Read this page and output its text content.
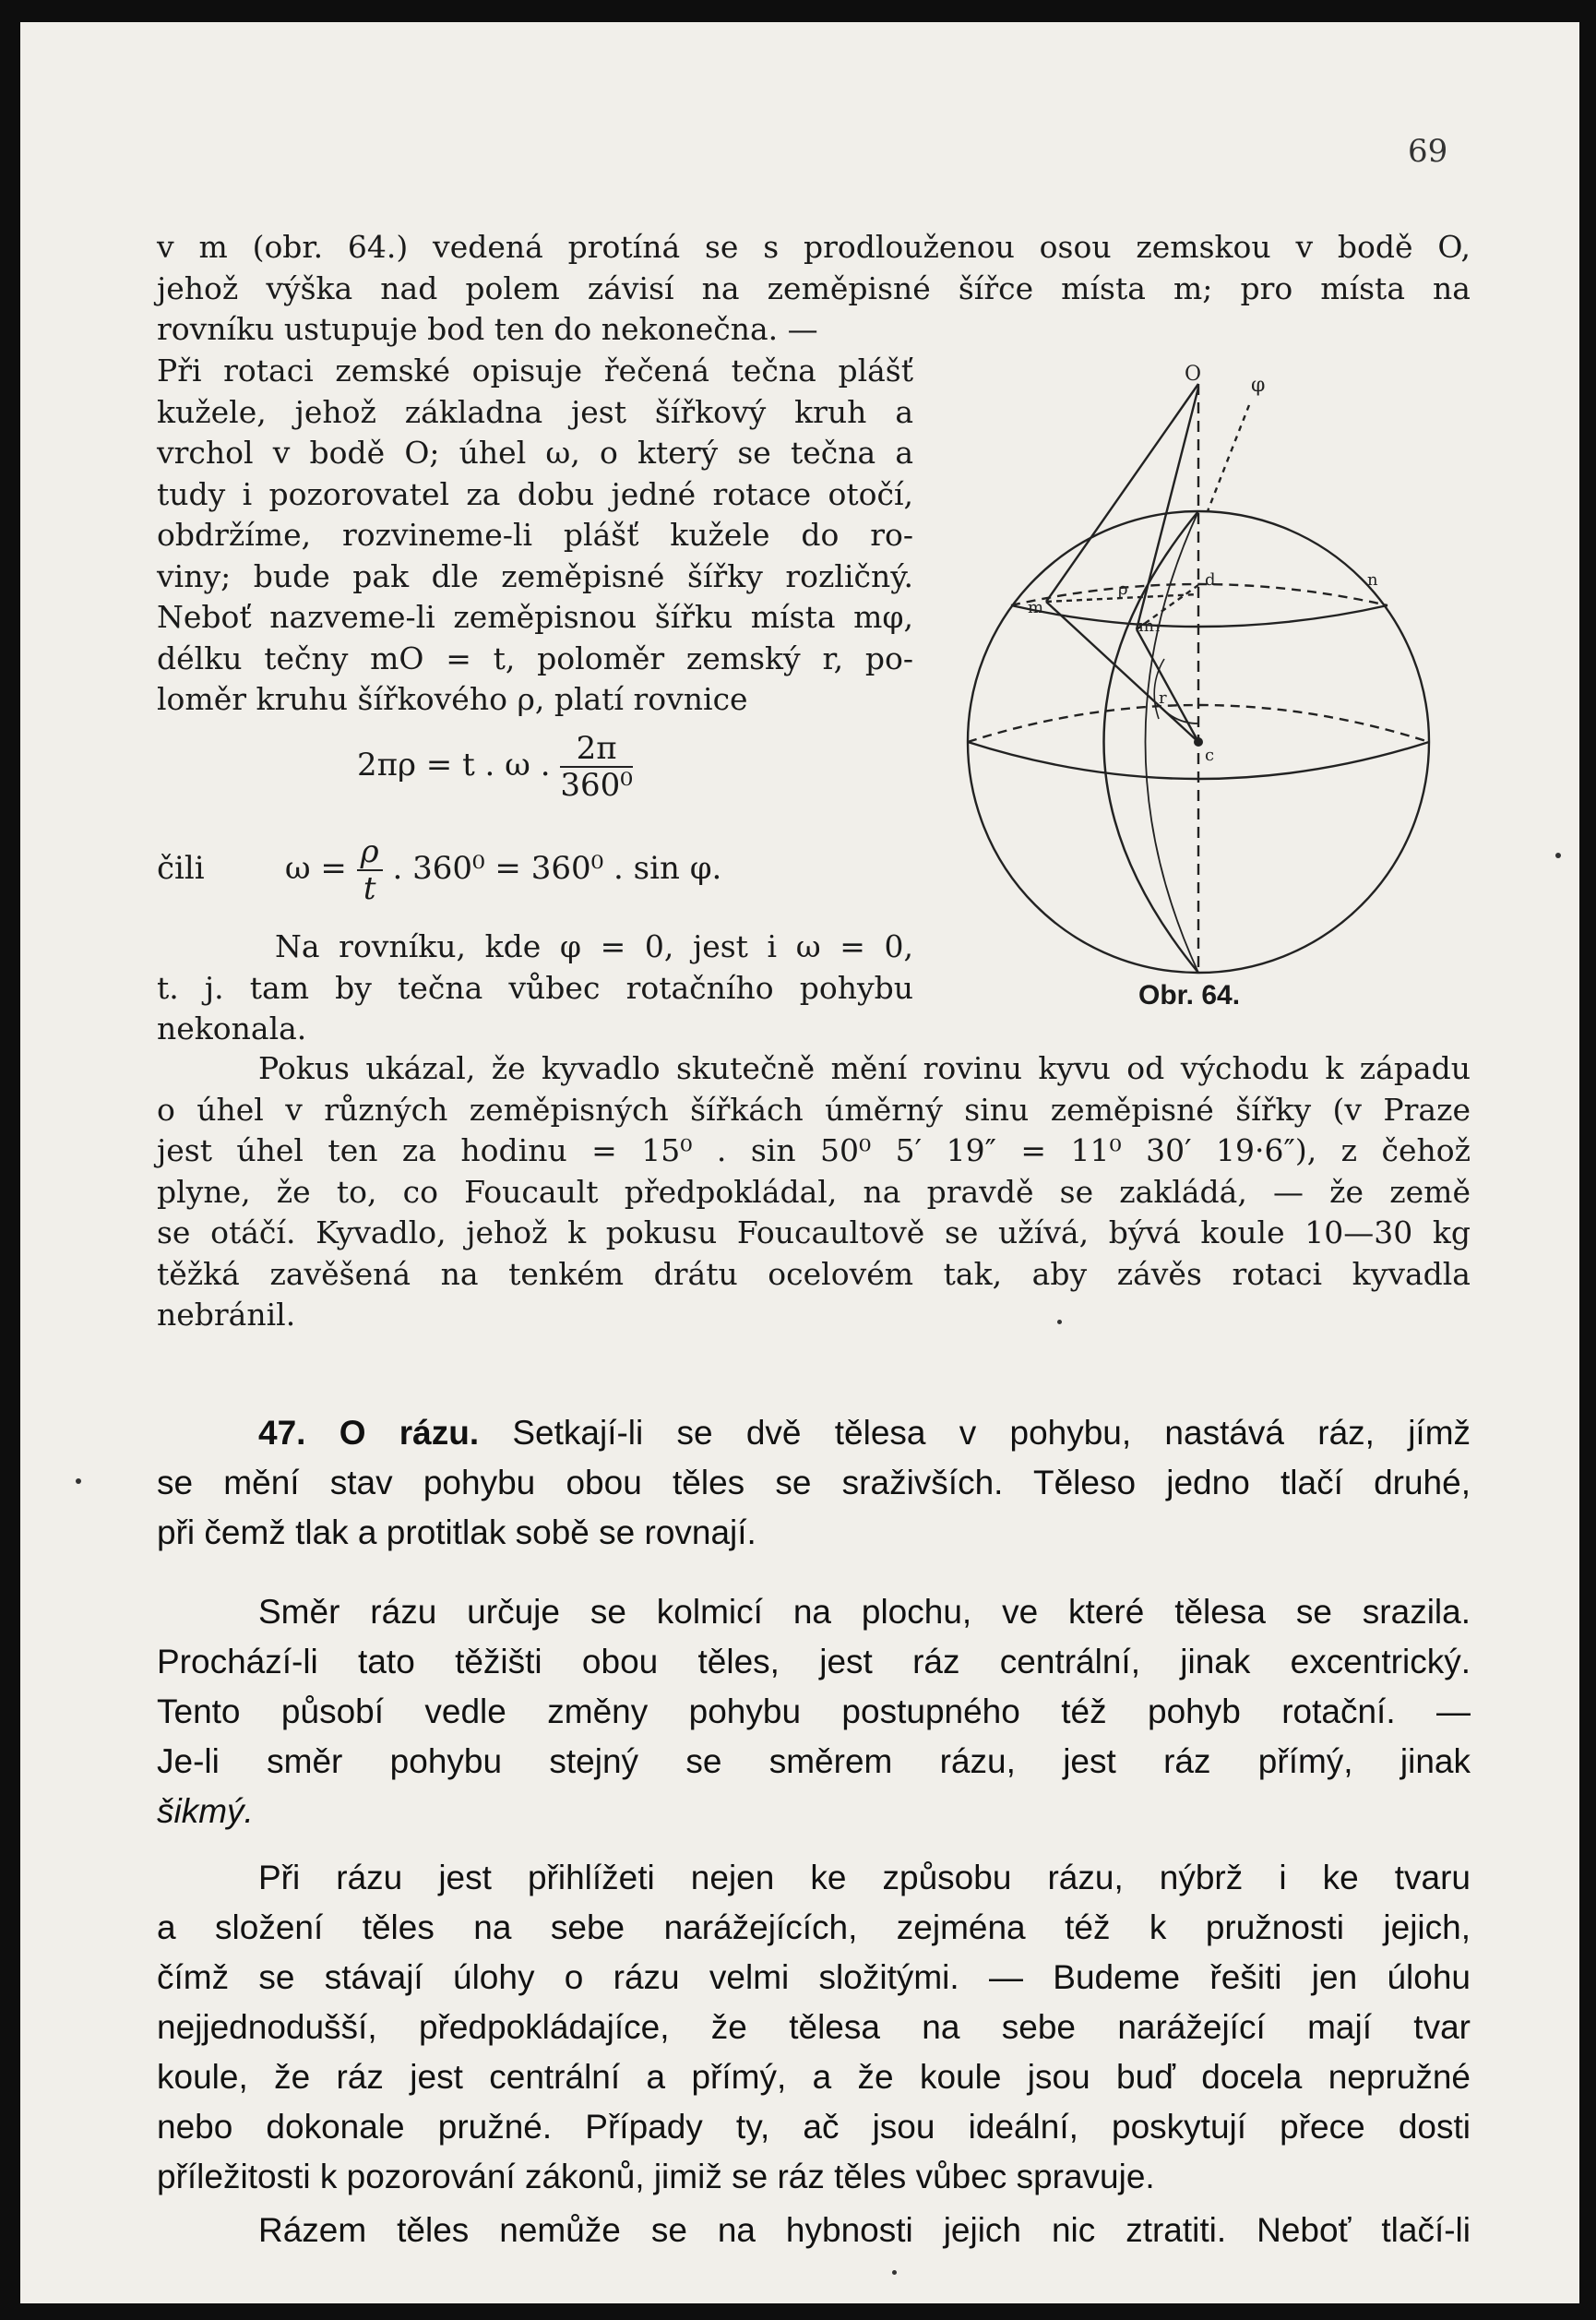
69
v m (obr. 64.) vedená protíná se s prodlouženou osou zemskou v bodě O,
jehož výška nad polem závisí na zeměpisné šířce místa m; pro místa na
rovníku ustupuje bod ten do nekonečna. —
Při rotaci zemské opisuje řečená tečna plášť
kužele, jehož základna jest šířkový kruh a
vrchol v bodě O; úhel ω, o který se tečna a
tudy i pozorovatel za dobu jedné rotace otočí,
obdržíme, rozvineme-li plášť kužele do ro-
viny; bude pak dle zeměpisné šířky rozličný.
Neboť nazveme-li zeměpisnou šířku místa mφ,
délku tečny mO = t, poloměr zemský r, po-
loměr kruhu šířkového ρ, platí rovnice
2πρ = t . ω . $\frac{2\pi}{\text{360⁰}}$
čili	$\omega = \frac{\rho}{t}$ . 360⁰ = 360⁰ . sin φ.
Na rovníku, kde φ = 0, jest i ω = 0,
t. j. tam by tečna vůbec rotačního pohybu
nekonala.
O φ
m
m₁
d	n
c
r
ρ
Obr. 64.
Pokus ukázal, že kyvadlo skutečně mění rovinu kyvu od východu k západu
o úhel v různých zeměpisných šířkách úměrný sinu zeměpisné šířky (v Praze
jest úhel ten za hodinu = 15⁰ . sin 50⁰ 5′ 19″ = 11⁰ 30′ 19·6″), z čehož
plyne, že to, co Foucault předpokládal, na pravdě se zakládá, — že země
se otáčí. Kyvadlo, jehož k pokusu Foucaultově se užívá, bývá koule 10—30 kg
těžká zavěšená na tenkém drátu ocelovém tak, aby závěs rotaci kyvadla
nebránil.
47. O rázu. Setkají-li se dvě tělesa v pohybu, nastává ráz, jímž
se mění stav pohybu obou těles se sraživších. Těleso jedno tlačí druhé,
při čemž tlak a protitlak sobě se rovnají.
Směr rázu určuje se kolmicí na plochu, ve které tělesa se srazila.
Prochází-li tato těžišti obou těles, jest ráz centrální, jinak excentrický.
Tento působí vedle změny pohybu postupného též pohyb rotační. —
Je-li směr pohybu stejný se směrem rázu, jest ráz přímý, jinak
šikmý.
Při rázu jest přihlížeti nejen ke způsobu rázu, nýbrž i ke tvaru
a složení těles na sebe narážejících, zejména též k pružnosti jejich,
čímž se stávají úlohy o rázu velmi složitými. — Budeme řešiti jen úlohu
nejjednodušší, předpokládajíce, že tělesa na sebe narážející mají tvar
koule, že ráz jest centrální a přímý, a že koule jsou buď docela nepružné
nebo dokonale pružné. Případy ty, ač jsou ideální, poskytují přece dosti
příležitosti k pozorování zákonů, jimiž se ráz těles vůbec spravuje.
Rázem těles nemůže se na hybnosti jejich nic ztratiti. Neboť tlačí-li
